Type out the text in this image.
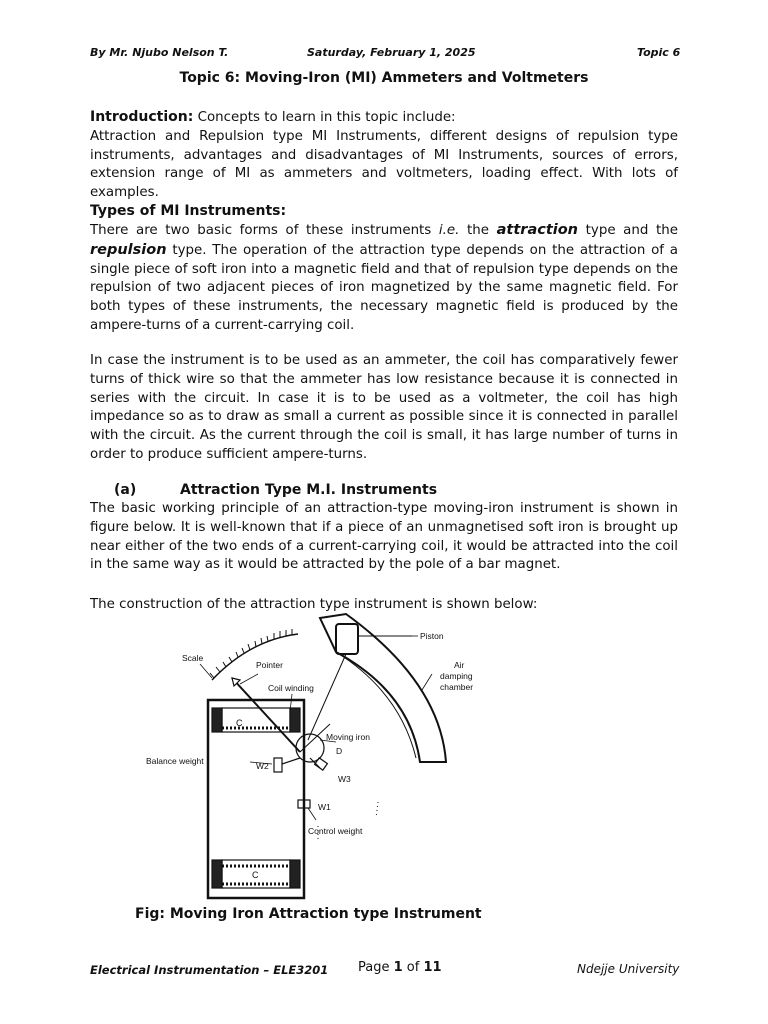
By Mr. Njubo Nelson T.	Saturday, February 1, 2025	Topic 6
Topic 6: Moving-Iron (MI) Ammeters and Voltmeters

Introduction: Concepts to learn in this topic include:
Attraction and Repulsion type MI Instruments, different designs of repulsion type instruments, advantages and disadvantages of MI Instruments, sources of errors, extension range of MI as ammeters and voltmeters, loading effect. With lots of examples.

Types of MI Instruments:

There are two basic forms of these instruments i.e. the attraction type and the repulsion type. The operation of the attraction type depends on the attraction of a single piece of soft iron into a magnetic field and that of repulsion type depends on the repulsion of two adjacent pieces of iron magnetized by the same magnetic field. For both types of these instruments, the necessary magnetic field is produced by the ampere-turns of a current-carrying coil.

In case the instrument is to be used as an ammeter, the coil has comparatively fewer turns of thick wire so that the ammeter has low resistance because it is connected in series with the circuit. In case it is to be used as a voltmeter, the coil has high impedance so as to draw as small a current as possible since it is connected in parallel with the circuit. As the current through the coil is small, it has large number of turns in order to produce sufficient ampere-turns.

(a)	Attraction Type M.I. Instruments

The basic working principle of an attraction-type moving-iron instrument is shown in figure below. It is well-known that if a piece of an unmagnetised soft iron is brought up near either of the two ends of a current-carrying coil, it would be attracted into the coil in the same way as it would be attracted by the pole of a bar magnet.

The construction of the attraction type instrument is shown below:

Scale
Pointer
Coil winding
Piston
Air
damping
chamber
Moving iron
D
Balance weight	W2
W3
W1
Control weight
C
C
Fig: Moving Iron Attraction type Instrument
Electrical Instrumentation – ELE3201 Page 1 of 11	Ndejje University
